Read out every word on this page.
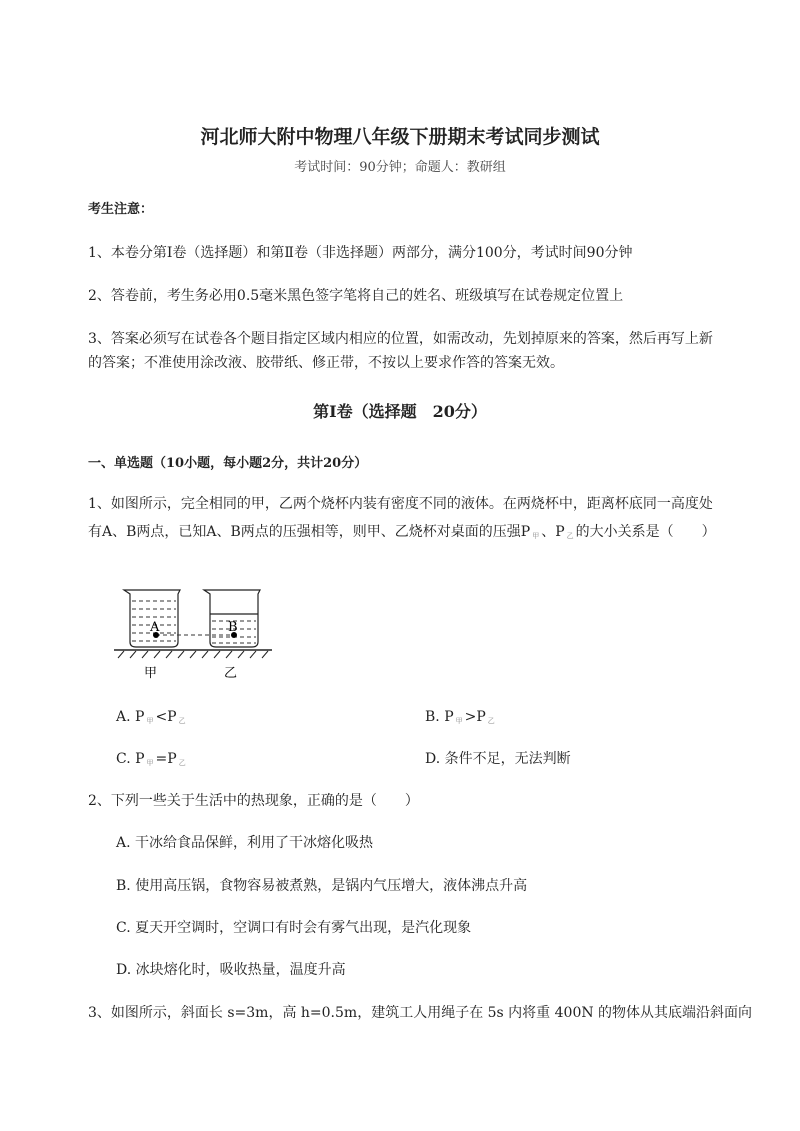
河北师大附中物理八年级下册期末考试同步测试
考试时间：90分钟；命题人：教研组
考生注意：
1、本卷分第I卷（选择题）和第Ⅱ卷（非选择题）两部分，满分100分，考试时间90分钟
2、答卷前，考生务必用0.5毫米黑色签字笔将自己的姓名、班级填写在试卷规定位置上
3、答案必须写在试卷各个题目指定区域内相应的位置，如需改动，先划掉原来的答案，然后再写上新
的答案；不准使用涂改液、胶带纸、修正带，不按以上要求作答的答案无效。
第I卷（选择题　20分）
一、单选题（10小题，每小题2分，共计20分）
1、如图所示，完全相同的甲，乙两个烧杯内装有密度不同的液体。在两烧杯中，距离杯底同一高度处
有A、B两点，已知A、B两点的压强相等，则甲、乙烧杯对桌面的压强P $_甲$ 、P $_乙$ 的大小关系是（　　）
A	B
甲	乙
A. P $_甲$ <P $_乙$	B. P $_甲$ >P $_乙$
C. P $_甲$ =P $_乙$	D. 条件不足，无法判断
2、下列一些关于生活中的热现象，正确的是（　　）
A. 干冰给食品保鲜，利用了干冰熔化吸热
B. 使用高压锅，食物容易被煮熟，是锅内气压增大，液体沸点升高
C. 夏天开空调时，空调口有时会有雾气出现，是汽化现象
D. 冰块熔化时，吸收热量，温度升高
3、如图所示，斜面长 s=3m，高 h=0.5m，建筑工人用绳子在 5s 内将重 400N 的物体从其底端沿斜面向
